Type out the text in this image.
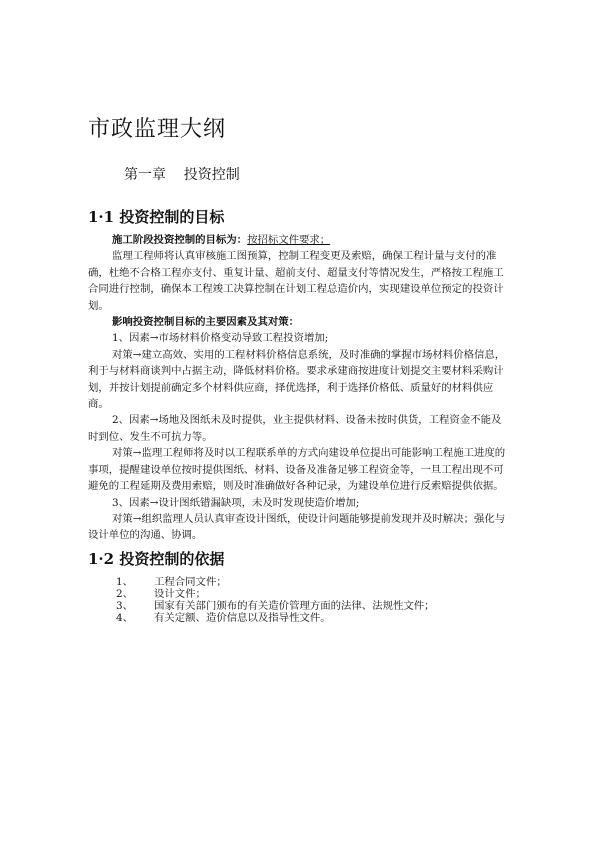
市政监理大纲
第一章    投资控制
1·1 投资控制的目标

施工阶段投资控制的目标为：按招标文件要求；

监理工程师将认真审核施工图预算，控制工程变更及索赔，确保工程计量与支付的准确，杜绝不合格工程亦支付、重复计量、超前支付、超量支付等情况发生，严格按工程施工合同进行控制，确保本工程竣工决算控制在计划工程总造价内，实现建设单位预定的投资计划。

影响投资控制目标的主要因素及其对策：

1、因素→市场材料价格变动导致工程投资增加;

对策→建立高效、实用的工程材料价格信息系统，及时准确的掌握市场材料价格信息，利于与材料商谈判中占据主动，降低材料价格。要求承建商按进度计划提交主要材料采购计划，并按计划提前确定多个材料供应商，择优选择，利于选择价格低、质量好的材料供应商。

2、因素→场地及图纸未及时提供，业主提供材料、设备未按时供货，工程资金不能及时到位、发生不可抗力等。

对策→监理工程师将及时以工程联系单的方式向建设单位提出可能影响工程施工进度的事项，提醒建设单位按时提供图纸、材料、设备及准备足够工程资金等，一旦工程出现不可避免的工程延期及费用索赔，则及时准确做好各种记录，为建设单位进行反索赔提供依据。

3、因素→设计图纸错漏缺项，未及时发现使造价增加;

对策→组织监理人员认真审查设计图纸，使设计问题能够提前发现并及时解决；强化与设计单位的沟通、协调。

1·2 投资控制的依据
1、	工程合同文件；
2、	设计文件；
3、	国家有关部门颁布的有关造价管理方面的法律、法规性文件；
4、	有关定额、造价信息以及指导性文件。
